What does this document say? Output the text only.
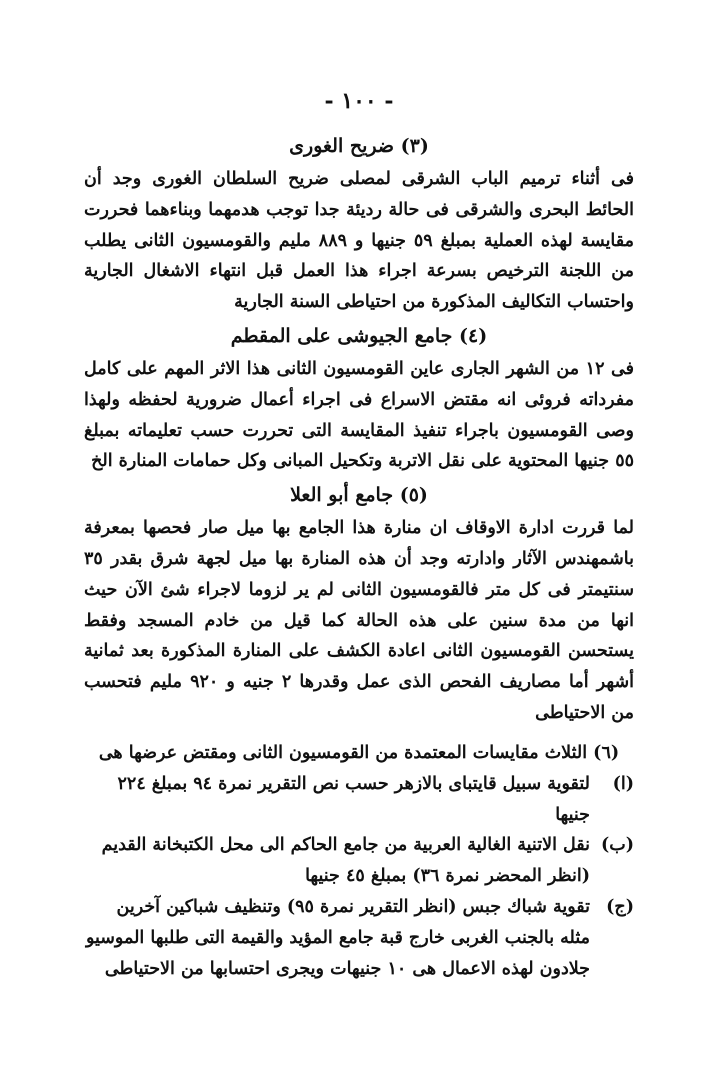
- ١٠٠ -
(٣) ضريح الغورى
فى أثناء ترميم الباب الشرقى لمصلى ضريح السلطان الغورى وجد أن الحائط البحرى والشرقى فى حالة رديئة جدا توجب هدمهما وبناءهما فحررت مقايسة لهذه العملية بمبلغ ٥٩ جنيها و ٨٨٩ مليم والقومسيون الثانى يطلب من اللجنة الترخيص بسرعة اجراء هذا العمل قبل انتهاء الاشغال الجارية واحتساب التكاليف المذكورة من احتياطى السنة الجارية
(٤) جامع الجيوشى على المقطم
فى ١٢ من الشهر الجارى عاين القومسيون الثانى هذا الاثر المهم على كامل مفرداته فروئى انه مقتض الاسراع فى اجراء أعمال ضرورية لحفظه ولهذا وصى القومسيون باجراء تنفيذ المقايسة التى تحررت حسب تعليماته بمبلغ ٥٥ جنيها المحتوية على نقل الاتربة وتكحيل المبانى وكل حمامات المنارة الخ
(٥) جامع أبو العلا
لما قررت ادارة الاوقاف ان منارة هذا الجامع بها ميل صار فحصها بمعرفة باشمهندس الآثار وادارته وجد أن هذه المنارة بها ميل لجهة شرق بقدر ٣٥ سنتيمتر فى كل متر فالقومسيون الثانى لم ير لزوما لاجراء شئ الآن حيث انها من مدة سنين على هذه الحالة كما قيل من خادم المسجد وفقط يستحسن القومسيون الثانى اعادة الكشف على المنارة المذكورة بعد ثمانية أشهر أما مصاريف الفحص الذى عمل وقدرها ٢ جنيه و ٩٢٠ مليم فتحسب من الاحتياطى
(٦) الثلاث مقايسات المعتمدة من القومسيون الثانى ومقتض عرضها هى
(ا)
لتقوية سبيل قايتباى بالازهر حسب نص التقرير نمرة ٩٤ بمبلغ ٢٢٤ جنيها
(ب)
نقل الاتنية الغالية العربية من جامع الحاكم الى محل الكتبخانة القديم (انظر المحضر نمرة ٣٦) بمبلغ ٤٥ جنيها
(ج)
تقوية شباك جبس (انظر التقرير نمرة ٩٥) وتنظيف شباكين آخرين مثله بالجنب الغربى خارج قبة جامع المؤيد والقيمة التى طلبها الموسيو جلادون لهذه الاعمال هى ١٠ جنيهات ويجرى احتسابها من الاحتياطى
